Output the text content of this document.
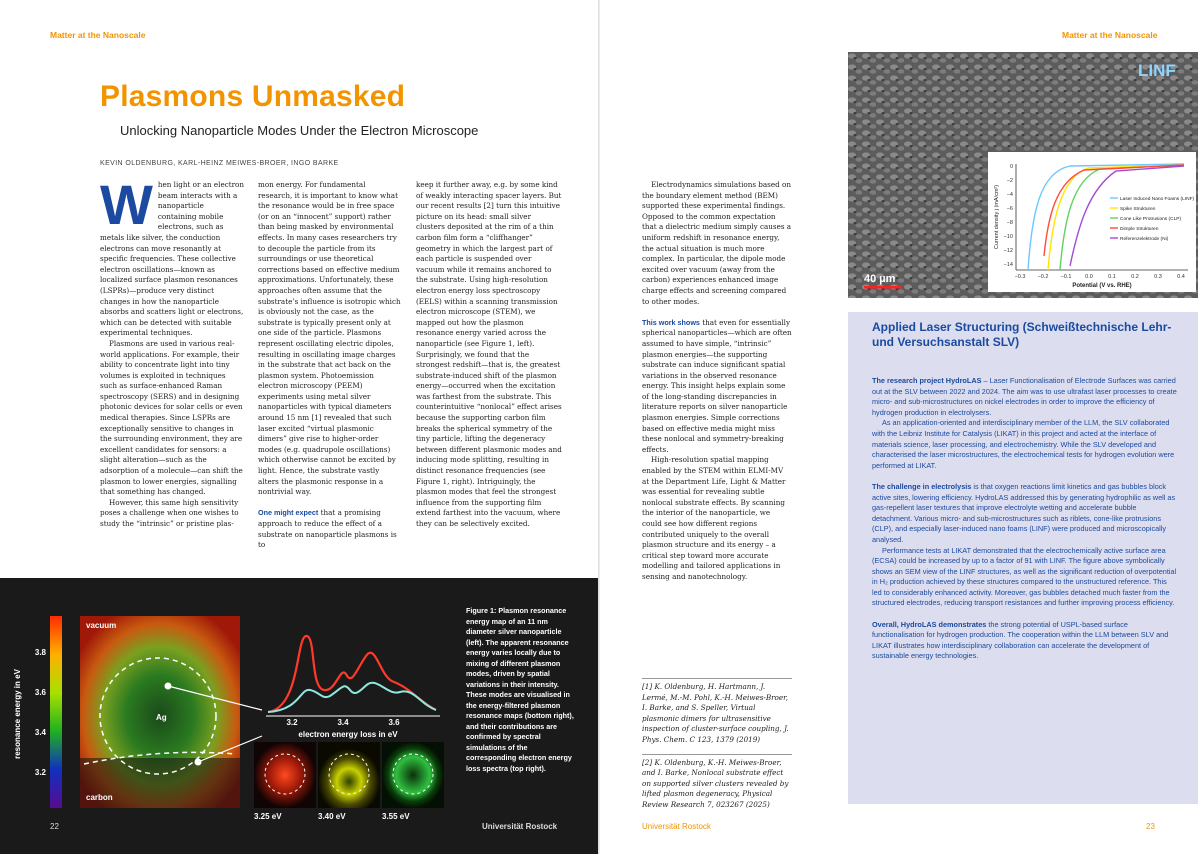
Matter at the Nanoscale
Plasmons Unmasked
Unlocking Nanoparticle Modes Under the Electron Microscope
KEVIN OLDENBURG, KARL-HEINZ MEIWES-BROER, INGO BARKE
W hen light or an electron beam interacts with a nanoparticle containing mobile electrons, such as metals like silver, the conduction electrons can move resonantly at specific frequencies. These collective electron oscillations—known as localized surface plasmon resonances (LSPRs)—produce very distinct changes in how the nanoparticle absorbs and scatters light or electrons, which can be detected with suitable experimental techniques.

Plasmons are used in various real-world applications. For example, their ability to concentrate light into tiny volumes is exploited in techniques such as surface-enhanced Raman spectroscopy (SERS) and in designing photonic devices for solar cells or even medical therapies. Since LSPRs are exceptionally sensitive to changes in the surrounding environment, they are excellent candidates for sensors: a slight alteration—such as the adsorption of a molecule—can shift the plasmon to lower energies, signalling that something has changed.

However, this same high sensitivity poses a challenge when one wishes to study the “intrinsic” or pristine plas-

mon energy. For fundamental research, it is important to know what the resonance would be in free space (or on an “innocent” support) rather than being masked by environmental effects. In many cases researchers try to decouple the particle from its surroundings or use theoretical corrections based on effective medium approximations. Unfortunately, these approaches often assume that the substrate’s influence is isotropic which is obviously not the case, as the substrate is typically present only at one side of the particle. Plasmons represent oscillating electric dipoles, resulting in oscillating image charges in the substrate that act back on the plasmon system. Photoemission electron microscopy (PEEM) experiments using metal silver nanoparticles with typical diameters around 15 nm [1] revealed that such laser excited “virtual plasmonic dimers” give rise to higher-order modes (e.g. quadrupole oscillations) which otherwise cannot be excited by light. Hence, the substrate vastly alters the plasmonic response in a nontrivial way.

One might expect that a promising approach to reduce the effect of a substrate on nanoparticle plasmons is to

keep it further away, e.g. by some kind of weakly interacting spacer layers. But our recent results [2] turn this intuitive picture on its head: small silver clusters deposited at the rim of a thin carbon film form a “cliffhanger” geometry in which the largest part of each particle is suspended over vacuum while it remains anchored to the substrate. Using high-resolution electron energy loss spectroscopy (EELS) within a scanning transmission electron microscope (STEM), we mapped out how the plasmon resonance energy varied across the nanoparticle (see Figure 1, left). Surprisingly, we found that the strongest redshift—that is, the greatest substrate-induced shift of the plasmon energy—occurred when the excitation was farthest from the substrate. This counterintuitive “nonlocal” effect arises because the supporting carbon film breaks the spherical symmetry of the tiny particle, lifting the degeneracy between different plasmonic modes and inducing mode splitting, resulting in distinct resonance frequencies (see Figure 1, right). Intriguingly, the plasmon modes that feel the strongest influence from the supporting film extend farthest into the vacuum, where they can be selectively excited.

resonance energy in eV
3.8
3.6
3.4
3.2
vacuum
carbon
Ag
3.2	3.4	3.6
electron energy loss in eV
3.25 eV	3.40 eV	3.55 eV
Figure 1: Plasmon resonance energy map of an 11 nm diameter silver nanoparticle (left). The apparent resonance energy varies locally due to mixing of different plasmon modes, driven by spatial variations in their intensity. These modes are visualised in the energy-filtered plasmon resonance maps (bottom right), and their contributions are confirmed by spectral simulations of the corresponding electron energy loss spectra (top right).
22	Universität Rostock
Matter at the Nanoscale

Electrodynamics simulations based on the boundary element method (BEM) supported these experimental findings. Opposed to the common expectation that a dielectric medium simply causes a uniform redshift in resonance energy, the actual situation is much more complex. In particular, the dipole mode excited over vacuum (away from the carbon) experiences enhanced image charge effects and screening compared to other modes.

This work shows that even for essentially spherical nanoparticles—which are often assumed to have simple, “intrinsic” plasmon energies—the supporting substrate can induce significant spatial variations in the observed resonance energy. This insight helps explain some of the long-standing discrepancies in literature reports on silver nanoparticle plasmon energies. Simple corrections based on effective media might miss these nonlocal and symmetry-breaking effects.

High-resolution spatial mapping enabled by the STEM within ELMI-MV at the Department Life, Light & Matter was essential for revealing subtle nonlocal substrate effects. By scanning the interior of the nanoparticle, we could see how different regions contributed uniquely to the overall plasmon structure and its energy – a critical step toward more accurate modelling and tailored applications in sensing and nanotechnology.

[1] K. Oldenburg, H. Hartmann, J. Lermé, M.-M. Pohl, K.-H. Meiwes-Broer, I. Barke, and S. Speller, Virtual plasmonic dimers for ultrasensitive inspection of cluster-surface coupling, J. Phys. Chem. C 123, 1379 (2019)

[2] K. Oldenburg, K.-H. Meiwes-Broer, and I. Barke, Nonlocal substrate effect on supported silver clusters revealed by lifted plasmon degeneracy, Physical Review Research 7, 023267 (2025)

LINF
40 µm
0
−2
−4
−6
−8
−10
−12
−14
−0.3 −0.2 −0.1 0.0	0.1	0.2	0.3	0.4
Potential (V vs. RHE)
Current density j (mA/cm²)	Laser Induced Nano Foams (LINF)
Spike Strukturen
Cone Like Protrusions (CLP)
Dimple Strukturen
Referenzelektrode (Ni)
Applied Laser Structuring (Schweißtechnische Lehr- und Versuchsanstalt SLV)

The research project HydroLAS – Laser Functionalisation of Electrode Surfaces was carried out at the SLV between 2022 and 2024. The aim was to use ultrafast laser processes to create micro- and sub-microstructures on nickel electrodes in order to improve the efficiency of hydrogen production in electrolysers.

As an application-oriented and interdisciplinary member of the LLM, the SLV collaborated with the Leibniz Institute for Catalysis (LIKAT) in this project and acted at the interface of materials science, laser processing, and electrochemistry. While the SLV developed and characterised the laser microstructures, the electrochemical tests for hydrogen evolution were performed at LIKAT.

The challenge in electrolysis is that oxygen reactions limit kinetics and gas bubbles block active sites, lowering efficiency. HydroLAS addressed this by generating hydrophilic as well as gas-repellent laser textures that improve electrolyte wetting and accelerate bubble detachment. Various micro- and sub-microstructures such as riblets, cone-like protrusions (CLP), and especially laser-induced nano foams (LINF) were produced and microscopically analysed.

Performance tests at LIKAT demonstrated that the electrochemically active surface area (ECSA) could be increased by up to a factor of 91 with LINF. The figure above symbolically shows an SEM view of the LINF structures, as well as the significant reduction of overpotential in H₂ production achieved by these structures compared to the unstructured reference. This led to considerably enhanced activity. Moreover, gas bubbles detached much faster from the structured electrodes, reducing transport resistances and further improving process efficiency.

Overall, HydroLAS demonstrates the strong potential of USPL-based surface functionalisation for hydrogen production. The cooperation within the LLM between SLV and LIKAT illustrates how interdisciplinary collaboration can accelerate the development of sustainable energy technologies.

Universität Rostock	23
